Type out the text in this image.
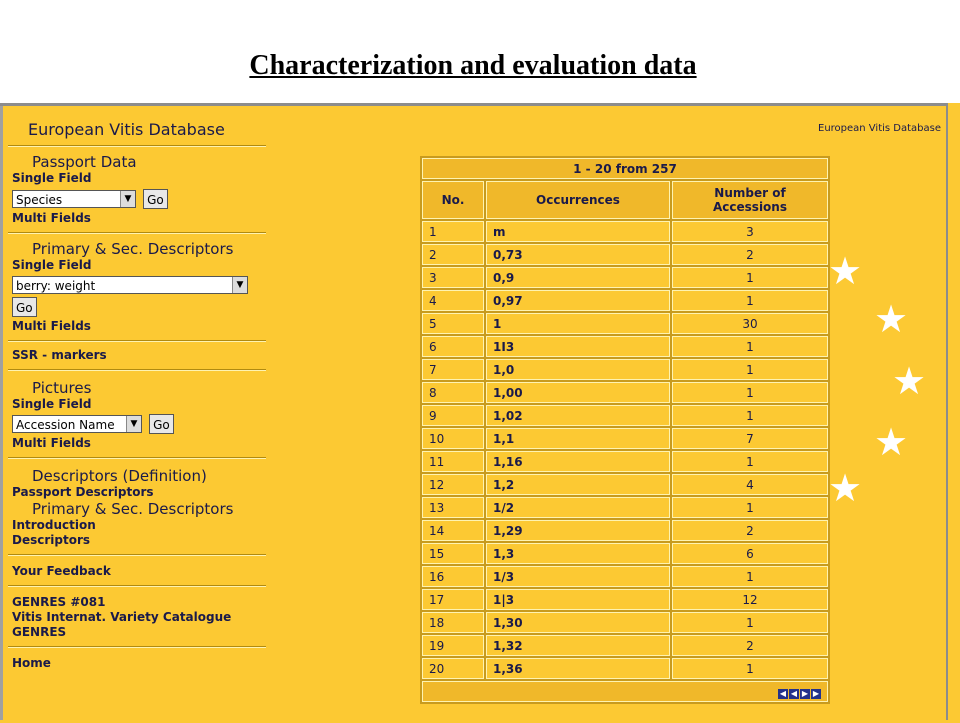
Characterization and evaluation data
European Vitis Database
European Vitis Database
Passport Data
Single Field
Species	▼ Go
Multi Fields
Primary & Sec. Descriptors
Single Field
berry: weight	▼
Go
Multi Fields
SSR - markers
Pictures
Single Field
Accession Name	▼ Go
Multi Fields
Descriptors (Definition)
Passport Descriptors
Primary & Sec. Descriptors
Introduction
Descriptors
Your Feedback
GENRES #081
Vitis Internat. Variety Catalogue
GENRES
Home
1 - 20 from 257		
No.	Occurrences	Number of
Accessions

1	m	3
2	0,73	2
3	0,9	1
4	0,97	1
5	1	30
6	1I3	1
7	1,0	1
8	1,00	1
9	1,02	1
10	1,1	7
11	1,16	1
12	1,2	4
13	1/2	1
14	1,29	2
15	1,3	6
16	1/3	1
17	1|3	12
18	1,30	1
19	1,32	2
20	1,36	1
◀ ◀ ▶ ▶		
★
★
★
★
★
